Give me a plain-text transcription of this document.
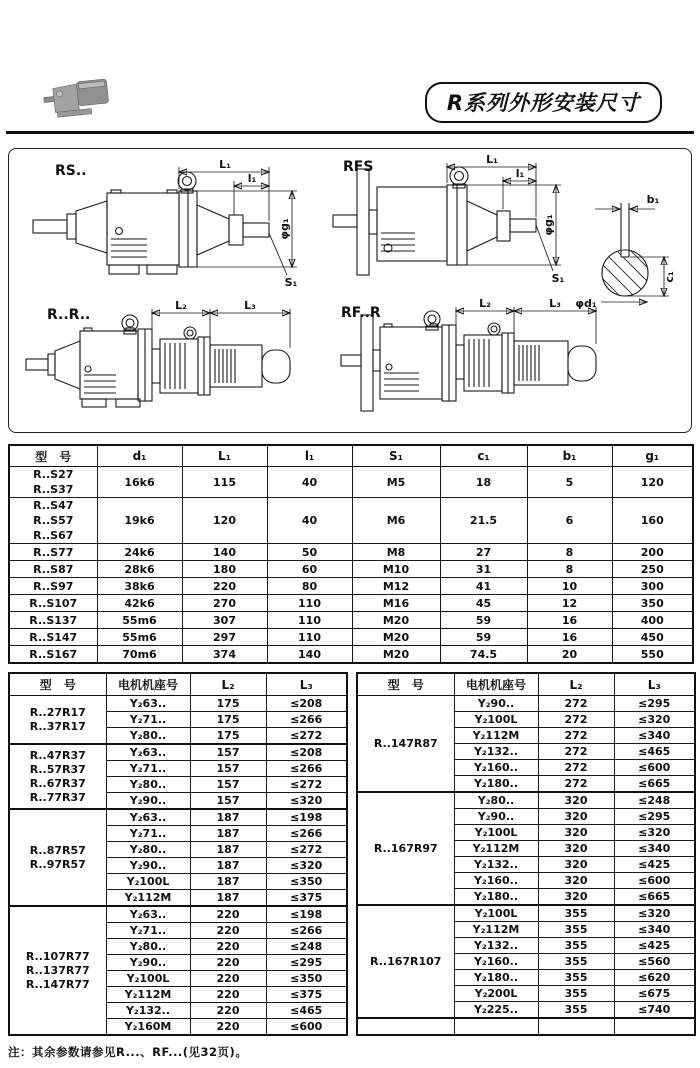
R系列外形安装尺寸
RS..	RFS
R..R..	RF..R
L₁
l₁
φg₁
S₁
L₁
l₁
φg₁
S₁
b₁
c₁
φd₁
L₂	L₃	L₂	L₃
型　号	d₁	L₁	l₁	S₁	c₁	b₁	g₁

R..S27
R..S37	16k6	115	40	M5	18	5	120

R..S47
R..S57
R..S67	19k6	120	40	M6	21.5	6	160

R..S77	24k6	140	50	M8	27	8	200

R..S87	28k6	180	60	M10	31	8	250

R..S97	38k6	220	80	M12	41	10	300

R..S107	42k6	270	110	M16	45	12	350

R..S137	55m6	307	110	M20	59	16	400

R..S147	55m6	297	110	M20	59	16	450

R..S167	70m6	374	140	M20	74.5	20	550
型　号	电机机座号	L₂	L₃

R..27R17
R..37R17	Y₂63..	175	≤208
	Y₂71..	175	≤266
	Y₂80..	175	≤272

R..47R37
R..57R37
R..67R37
R..77R37	Y₂63..	157	≤208
	Y₂71..	157	≤266
	Y₂80..	157	≤272
	Y₂90..	157	≤320

R..87R57
R..97R57	Y₂63..	187	≤198
	Y₂71..	187	≤266
	Y₂80..	187	≤272
	Y₂90..	187	≤320
	Y₂100L	187	≤350
	Y₂112M	187	≤375

R..107R77
R..137R77
R..147R77	Y₂63..	220	≤198
	Y₂71..	220	≤266
	Y₂80..	220	≤248
	Y₂90..	220	≤295
	Y₂100L	220	≤350
	Y₂112M	220	≤375
	Y₂132..	220	≤465
	Y₂160M	220	≤600
型　号	电机机座号	L₂	L₃

R..147R87	Y₂90..	272	≤295
	Y₂100L	272	≤320
	Y₂112M	272	≤340
	Y₂132..	272	≤465
	Y₂160..	272	≤600
	Y₂180..	272	≤665

R..167R97	Y₂80..	320	≤248
	Y₂90..	320	≤295
	Y₂100L	320	≤320
	Y₂112M	320	≤340
	Y₂132..	320	≤425
	Y₂160..	320	≤600
	Y₂180..	320	≤665

R..167R107	Y₂100L	355	≤320
	Y₂112M	355	≤340
	Y₂132..	355	≤425
	Y₂160..	355	≤560
	Y₂180..	355	≤620
	Y₂200L	355	≤675
	Y₂225..	355	≤740

注：其余参数请参见R...、RF...(见32页)。
